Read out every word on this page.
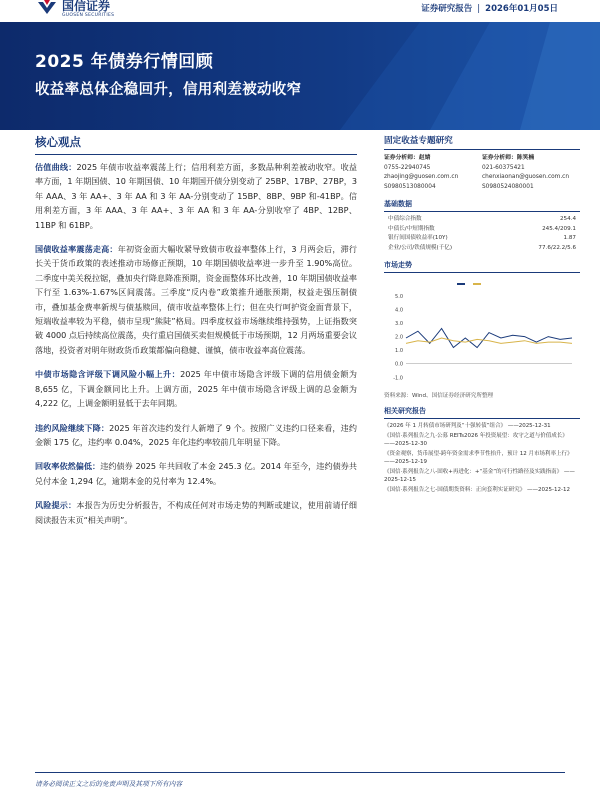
国信证券
GUOSEN SECURITIES
证券研究报告 | 2026年01月05日
2025 年债券行情回顾
收益率总体企稳回升，信用利差被动收窄
核心观点
估值曲线：2025 年债市收益率震荡上行；信用利差方面，多数品种利差被动收窄。收益率方面，1 年期国债、10 年期国债、10 年期国开债分别变动了 25BP、17BP、27BP，3 年 AAA、3 年 AA+、3 年 AA 和 3 年 AA-分别变动了 15BP、8BP、9BP 和-41BP。信用利差方面，3 年 AAA、3 年 AA+、3 年 AA 和 3 年 AA-分别收窄了 4BP、12BP、11BP 和 61BP。
国债收益率震荡走高：年初资金面大幅收紧导致债市收益率整体上行，3 月两会后，滞行长关于货币政策的表述推动市场修正预期，10 年期国债收益率进一步升至 1.90%高位。二季度中美关税拉锯，叠加央行降息降准预期，资金面整体环比改善，10 年期国债收益率下行至 1.63%-1.67%区间震荡。三季度“反内卷”政策推升通胀预期，权益走强压制债市，叠加基金费率新规与债基赎回，债市收益率整体上行；但在央行呵护资金面背景下，短端收益率较为平稳，债市呈现“熊陡”格局。四季度权益市场继续维持强势，上证指数突破 4000 点后持续高位震荡，央行重启国债买卖但规模低于市场预期，12 月两场重要会议落地，投资者对明年财政货币政策都偏向稳健、谨慎，债市收益率高位震荡。
中债市场隐含评级下调风险小幅上升：2025 年中债市场隐含评级下调的信用债金额为 8,655 亿，下调金额同比上升。上调方面，2025 年中债市场隐含评级上调的总金额为 4,222 亿，上调金额明显低于去年同期。
违约风险继续下降：2025 年首次违约发行人新增了 9 个。按照广义违约口径来看，违约金额 175 亿，违约率 0.04%，2025 年化违约率较前几年明显下降。
回收率依然偏低：违约债券 2025 年共回收了本金 245.3 亿。2014 年至今，违约债券共兑付本金 1,294 亿，逾期本金的兑付率为 12.4%。
风险提示：本报告为历史分析报告，不构成任何对市场走势的判断或建议，使用前请仔细阅读报告末页“相关声明”。
固定收益专题研究
证券分析师：赵婧
0755-22940745
zhaojing@guosen.com.cn
S0980513080004
证券分析师：陈笑楠
021-60375421
chenxiaonan@guosen.com.cn
S0980524080001
基础数据
中债综合指数	254.4
中债长/中短期指数	245.4/209.1
银行间国债收益率(10Y)	1.87
企业/公司/铁债规模(千亿)	77.6/22.2/5.6
市场走势
5.0
4.0
3.0
2.0
1.0
0.0
-1.0
资料来源：Wind、国信证券经济研究所整理
相关研究报告
《2026 年 1 月转债市场研判及“十强转债”组合》 ——2025-12-31
《国信·系列报告之九·公募 REITs2026 年投资展望：攻守之道与价值成长》 ——2025-12-30
《资金观察，货币展望-跨年资金需求季节性抬升，预计 12 月市场利率上行》 ——2025-12-19
《国信·系列报告之八-固收+再进化：+“基金”的可行性路径及实践指南》 ——2025-12-15
《国信·系列报告之七-国债期货资料：正向套利实证研究》 ——2025-12-12
请务必阅读正文之后的免责声明及其项下所有内容
